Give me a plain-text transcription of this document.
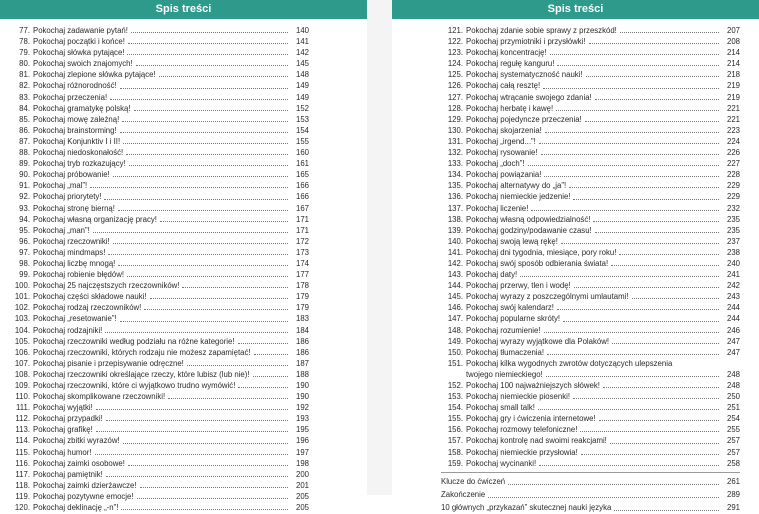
Spis treści
77. Pokochaj zadawanie pytań!	140
78. Pokochaj początki i końce!	141
79. Pokochaj słówka pytające!	142
80. Pokochaj swoich znajomych!	145
81. Pokochaj zlepione słówka pytające!	148
82. Pokochaj różnorodność!	149
83. Pokochaj przeczenia!	149
84. Pokochaj gramatykę polską!	152
85. Pokochaj mowę zależną!	153
86. Pokochaj brainstorming!	154
87. Pokochaj Konjunktiv I i II!	155
88. Pokochaj niedoskonałość!	160
89. Pokochaj tryb rozkazujący!	161
90. Pokochaj próbowanie!	165
91. Pokochaj „mal”!	166
92. Pokochaj priorytety!	166
93. Pokochaj stronę bierną!	167
94. Pokochaj własną organizację pracy!	171
95. Pokochaj „man”!	171
96. Pokochaj rzeczowniki!	172
97. Pokochaj mindmaps!	173
98. Pokochaj liczbę mnogą!	174
99. Pokochaj robienie błędów!	177
100. Pokochaj 25 najczęstszych rzeczowników!	178
101. Pokochaj części składowe nauki!	179
102. Pokochaj rodzaj rzeczowników!	179
103. Pokochaj „resetowanie”!	183
104. Pokochaj rodzajniki!	184
105. Pokochaj rzeczowniki według podziału na różne kategorie!	186
106. Pokochaj rzeczowniki, których rodzaju nie możesz zapamiętać!	186
107. Pokochaj pisanie i przepisywanie odręczne!	187
108. Pokochaj rzeczowniki określające rzeczy, które lubisz (lub nie)!	188
109. Pokochaj rzeczowniki, które ci wyjątkowo trudno wymówić!	190
110. Pokochaj skomplikowane rzeczowniki!	190
111. Pokochaj wyjątki!	192
112. Pokochaj przypadki!	193
113. Pokochaj grafikę!	195
114. Pokochaj zbitki wyrazów!	196
115. Pokochaj humor!	197
116. Pokochaj zaimki osobowe!	198
117. Pokochaj pamiętnik!	200
118. Pokochaj zaimki dzierżawcze!	201
119. Pokochaj pozytywne emocje!	205
120. Pokochaj deklinację „-n”!	205
Spis treści
121. Pokochaj zdanie sobie sprawy z przeszkód!	207
122. Pokochaj przymiotniki i przysłówki!	208
123. Pokochaj koncentrację!	214
124. Pokochaj regułę kanguru!	214
125. Pokochaj systematyczność nauki!	218
126. Pokochaj całą resztę!	219
127. Pokochaj wtrącanie swojego zdania!	219
128. Pokochaj herbatę i kawę!	221
129. Pokochaj pojedyncze przeczenia!	221
130. Pokochaj skojarzenia!	223
131. Pokochaj „irgend...”!	224
132. Pokochaj rysowanie!	226
133. Pokochaj „doch”!	227
134. Pokochaj powiązania!	228
135. Pokochaj alternatywy do „ja”!	229
136. Pokochaj niemieckie jedzenie!	229
137. Pokochaj liczenie!	232
138. Pokochaj własną odpowiedzialność!	235
139. Pokochaj godziny/podawanie czasu!	235
140. Pokochaj swoją lewą rękę!	237
141. Pokochaj dni tygodnia, miesiące, pory roku!	238
142. Pokochaj swój sposób odbierania świata!	240
143. Pokochaj daty!	241
144. Pokochaj przerwy, tlen i wodę!	242
145. Pokochaj wyrazy z poszczególnymi umlautami!	243
146. Pokochaj swój kalendarz!	244
147. Pokochaj popularne skróty!	244
148. Pokochaj rozumienie!	246
149. Pokochaj wyrazy wyjątkowe dla Polaków!	247
150. Pokochaj tłumaczenia!	247
151. Pokochaj kilka wygodnych zwrotów dotyczących ulepszenia
twojego niemieckiego!	248
152. Pokochaj 100 najważniejszych słówek!	248
153. Pokochaj niemieckie piosenki!	250
154. Pokochaj small talk!	251
155. Pokochaj gry i ćwiczenia internetowe!	254
156. Pokochaj rozmowy telefoniczne!	255
157. Pokochaj kontrolę nad swoimi reakcjami!	257
158. Pokochaj niemieckie przysłowia!	257
159. Pokochaj wycinanki!	258
Klucze do ćwiczeń	261
Zakończenie	289
10 głównych „przykazań” skutecznej nauki języka	291
